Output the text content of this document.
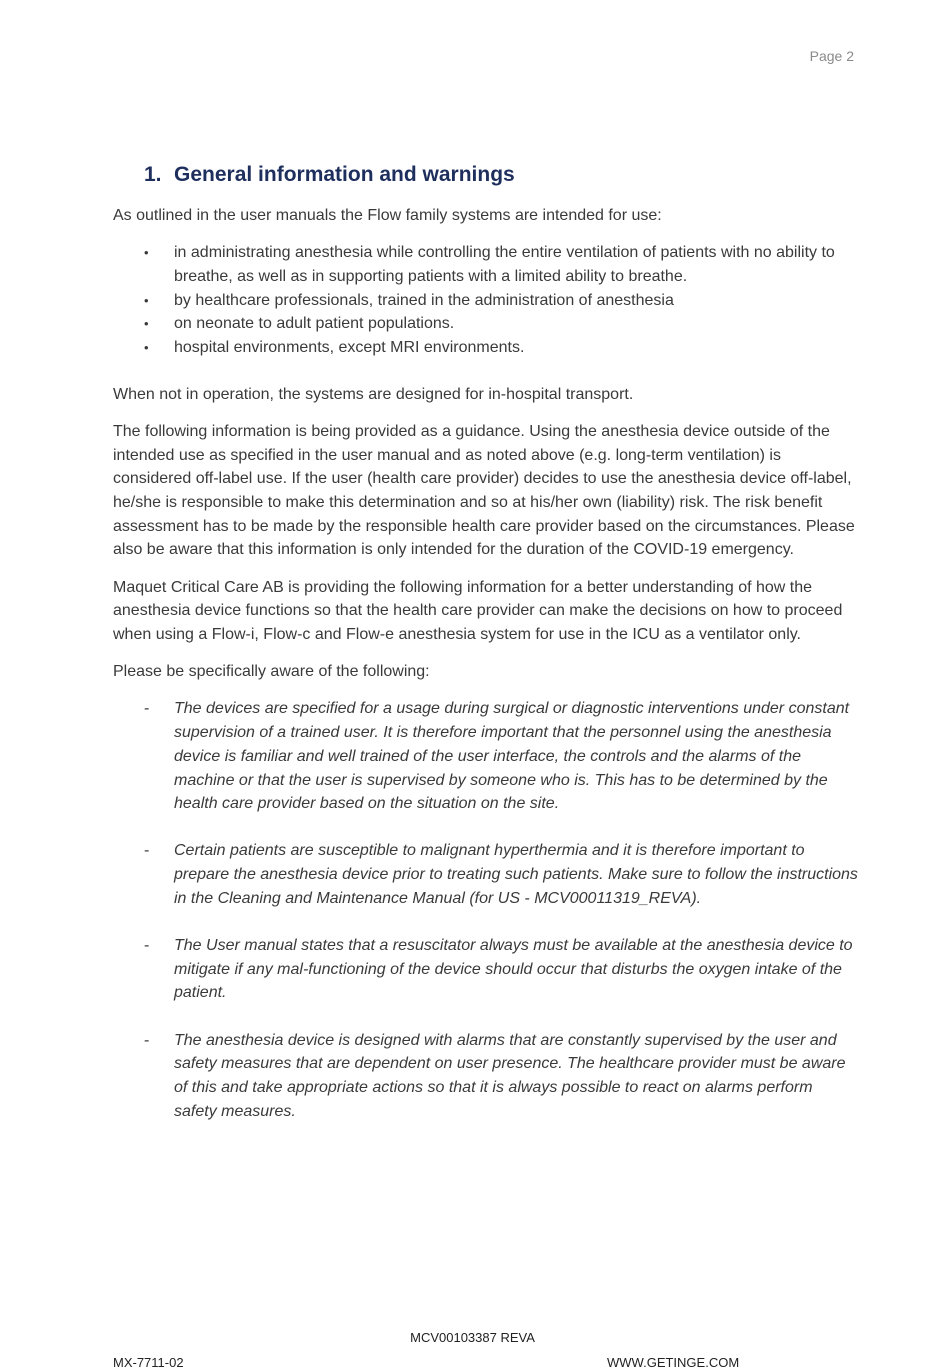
Page 2
1. General information and warnings

As outlined in the user manuals the Flow family systems are intended for use:

• in administrating anesthesia while controlling the entire ventilation of patients with no ability to breathe, as well as in supporting patients with a limited ability to breathe.
• by healthcare professionals, trained in the administration of anesthesia
• on neonate to adult patient populations.
• hospital environments, except MRI environments.

When not in operation, the systems are designed for in-hospital transport.

The following information is being provided as a guidance. Using the anesthesia device outside of the intended use as specified in the user manual and as noted above (e.g. long-term ventilation) is considered off-label use. If the user (health care provider) decides to use the anesthesia device off-label, he/she is responsible to make this determination and so at his/her own (liability) risk. The risk benefit assessment has to be made by the responsible health care provider based on the circumstances. Please also be aware that this information is only intended for the duration of the COVID-19 emergency.

Maquet Critical Care AB is providing the following information for a better understanding of how the anesthesia device functions so that the health care provider can make the decisions on how to proceed when using a Flow-i, Flow-c and Flow-e anesthesia system for use in the ICU as a ventilator only.

Please be specifically aware of the following:

- The devices are specified for a usage during surgical or diagnostic interventions under constant supervision of a trained user. It is therefore important that the personnel using the anesthesia device is familiar and well trained of the user interface, the controls and the alarms of the machine or that the user is supervised by someone who is. This has to be determined by the health care provider based on the situation on the site.
- Certain patients are susceptible to malignant hyperthermia and it is therefore important to prepare the anesthesia device prior to treating such patients. Make sure to follow the instructions in the Cleaning and Maintenance Manual (for US - MCV00011319_REVA).
- The User manual states that a resuscitator always must be available at the anesthesia device to mitigate if any mal-functioning of the device should occur that disturbs the oxygen intake of the patient.
- The anesthesia device is designed with alarms that are constantly supervised by the user and safety measures that are dependent on user presence. The healthcare provider must be aware of this and take appropriate actions so that it is always possible to react on alarms perform safety measures.
MCV00103387 REVA
MX-7711-02	WWW.GETINGE.COM
